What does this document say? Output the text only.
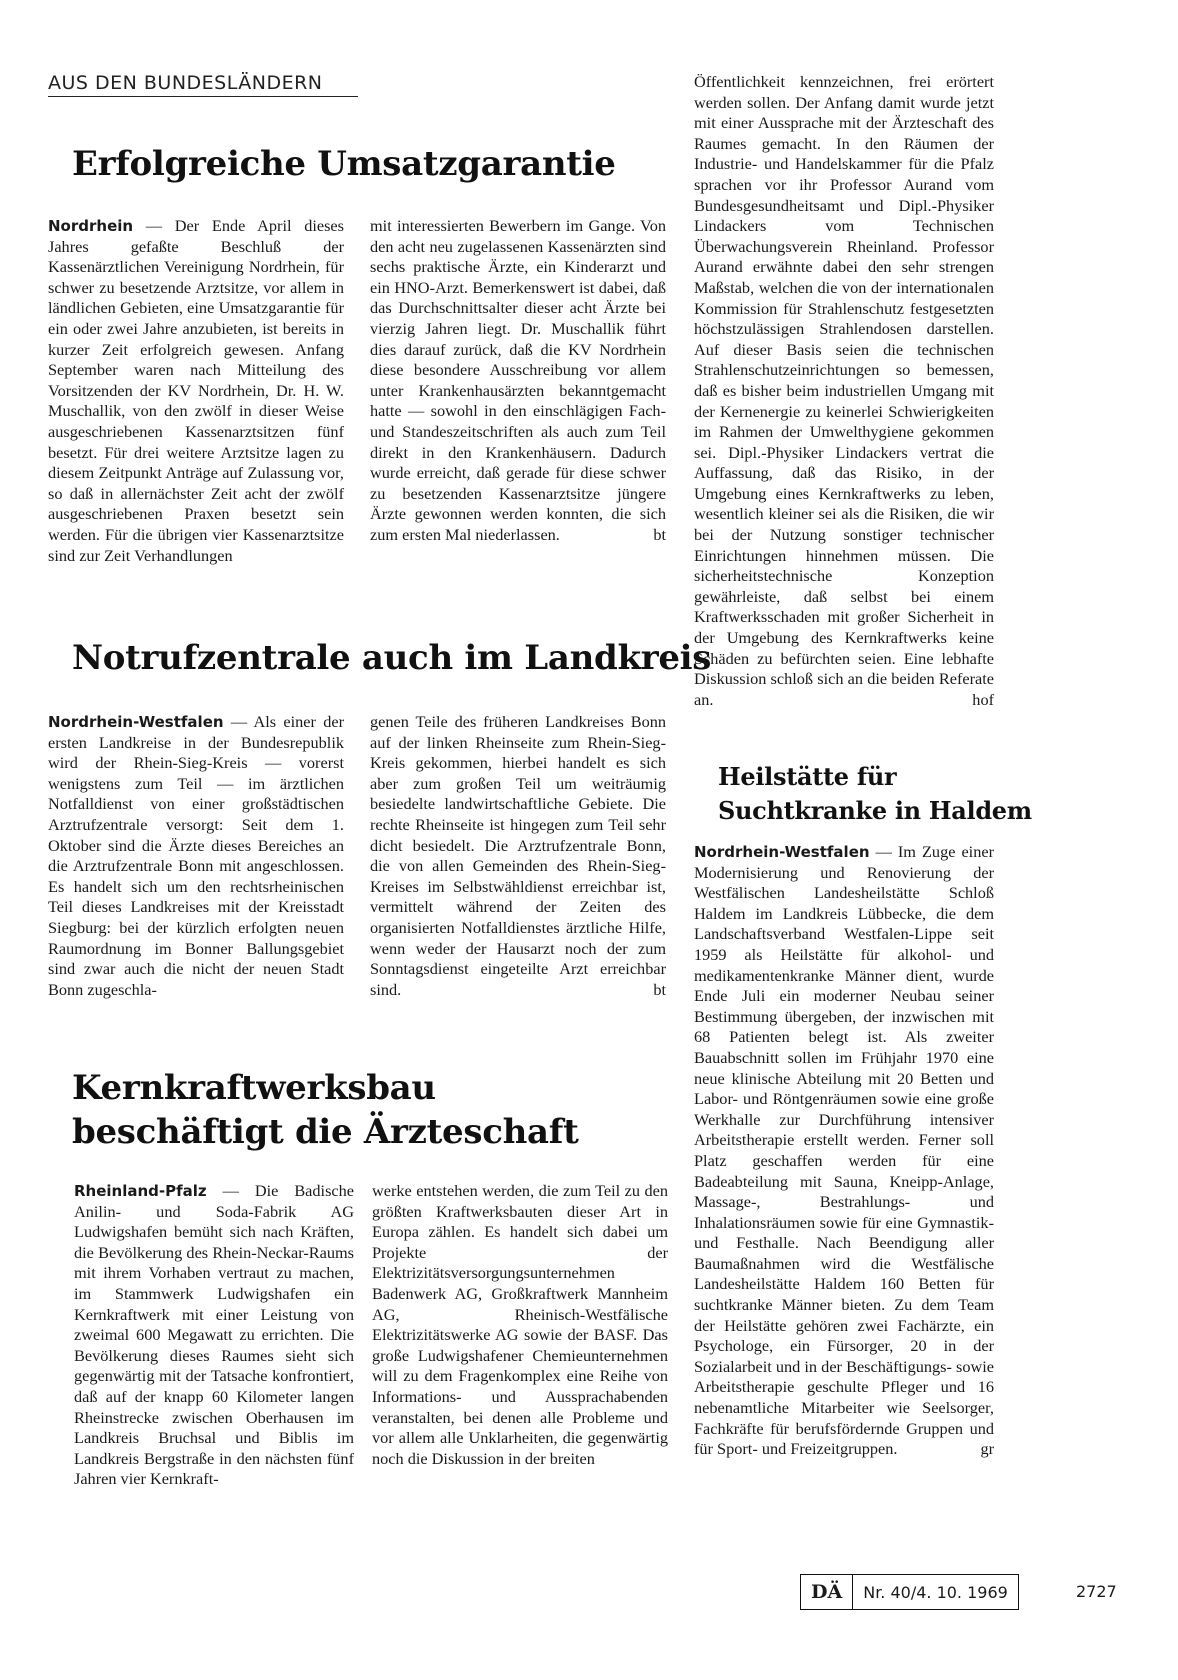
AUS DEN BUNDESLÄNDERN
Erfolgreiche Umsatzgarantie

Nordrhein — Der Ende April dieses Jahres gefaßte Beschluß der Kassenärztlichen Vereinigung Nordrhein, für schwer zu besetzende Arztsitze, vor allem in ländlichen Gebieten, eine Umsatzgarantie für ein oder zwei Jahre anzubieten, ist bereits in kurzer Zeit erfolgreich gewesen. Anfang September waren nach Mitteilung des Vorsitzenden der KV Nordrhein, Dr. H. W. Muschallik, von den zwölf in dieser Weise ausgeschriebenen Kassenarztsitzen fünf besetzt. Für drei weitere Arztsitze lagen zu diesem Zeitpunkt Anträge auf Zulassung vor, so daß in allernächster Zeit acht der zwölf ausgeschriebenen Praxen besetzt sein werden. Für die übrigen vier Kassenarztsitze sind zur Zeit Verhandlungen

mit interessierten Bewerbern im Gange. Von den acht neu zugelassenen Kassenärzten sind sechs praktische Ärzte, ein Kinderarzt und ein HNO-Arzt. Bemerkenswert ist dabei, daß das Durchschnittsalter dieser acht Ärzte bei vierzig Jahren liegt. Dr. Muschallik führt dies darauf zurück, daß die KV Nordrhein diese besondere Ausschreibung vor allem unter Krankenhausärzten bekanntgemacht hatte — sowohl in den einschlägigen Fach- und Standeszeitschriften als auch zum Teil direkt in den Krankenhäusern. Dadurch wurde erreicht, daß gerade für diese schwer zu besetzenden Kassenarztsitze jüngere Ärzte gewonnen werden konnten, die sich zum ersten Mal niederlassen.	bt

Notrufzentrale auch im Landkreis

Nordrhein-Westfalen — Als einer der ersten Landkreise in der Bundesrepublik wird der Rhein-Sieg-Kreis — vorerst wenigstens zum Teil — im ärztlichen Notfalldienst von einer großstädtischen Arztrufzentrale versorgt: Seit dem 1. Oktober sind die Ärzte dieses Bereiches an die Arztrufzentrale Bonn mit angeschlossen. Es handelt sich um den rechtsrheinischen Teil dieses Landkreises mit der Kreisstadt Siegburg: bei der kürzlich erfolgten neuen Raumordnung im Bonner Ballungsgebiet sind zwar auch die nicht der neuen Stadt Bonn zugeschla-

genen Teile des früheren Landkreises Bonn auf der linken Rheinseite zum Rhein-Sieg-Kreis gekommen, hierbei handelt es sich aber zum großen Teil um weiträumig besiedelte landwirtschaftliche Gebiete. Die rechte Rheinseite ist hingegen zum Teil sehr dicht besiedelt. Die Arztrufzentrale Bonn, die von allen Gemeinden des Rhein-Sieg-Kreises im Selbstwähldienst erreichbar ist, vermittelt während der Zeiten des organisierten Notfalldienstes ärztliche Hilfe, wenn weder der Hausarzt noch der zum Sonntagsdienst eingeteilte Arzt erreichbar sind.	bt

Kernkraftwerksbau
beschäftigt die Ärzteschaft

Rheinland-Pfalz — Die Badische Anilin- und Soda-Fabrik AG Ludwigshafen bemüht sich nach Kräften, die Bevölkerung des Rhein-Neckar-Raums mit ihrem Vorhaben vertraut zu machen, im Stammwerk Ludwigshafen ein Kernkraftwerk mit einer Leistung von zweimal 600 Megawatt zu errichten. Die Bevölkerung dieses Raumes sieht sich gegenwärtig mit der Tatsache konfrontiert, daß auf der knapp 60 Kilometer langen Rheinstrecke zwischen Oberhausen im Landkreis Bruchsal und Biblis im Landkreis Bergstraße in den nächsten fünf Jahren vier Kernkraft-

werke entstehen werden, die zum Teil zu den größten Kraftwerksbauten dieser Art in Europa zählen. Es handelt sich dabei um Projekte der Elektrizitätsversorgungsunternehmen Badenwerk AG, Großkraftwerk Mannheim AG, Rheinisch-Westfälische Elektrizitätswerke AG sowie der BASF. Das große Ludwigshafener Chemieunternehmen will zu dem Fragenkomplex eine Reihe von Informations- und Aussprachabenden veranstalten, bei denen alle Probleme und vor allem alle Unklarheiten, die gegenwärtig noch die Diskussion in der breiten

Öffentlichkeit kennzeichnen, frei erörtert werden sollen. Der Anfang damit wurde jetzt mit einer Aussprache mit der Ärzteschaft des Raumes gemacht. In den Räumen der Industrie- und Handelskammer für die Pfalz sprachen vor ihr Professor Aurand vom Bundesgesundheitsamt und Dipl.-Physiker Lindackers vom Technischen Überwachungsverein Rheinland. Professor Aurand erwähnte dabei den sehr strengen Maßstab, welchen die von der internationalen Kommission für Strahlenschutz festgesetzten höchstzulässigen Strahlendosen darstellen. Auf dieser Basis seien die technischen Strahlenschutzeinrichtungen so bemessen, daß es bisher beim industriellen Umgang mit der Kernenergie zu keinerlei Schwierigkeiten im Rahmen der Umwelthygiene gekommen sei. Dipl.-Physiker Lindackers vertrat die Auffassung, daß das Risiko, in der Umgebung eines Kernkraftwerks zu leben, wesentlich kleiner sei als die Risiken, die wir bei der Nutzung sonstiger technischer Einrichtungen hinnehmen müssen. Die sicherheitstechnische Konzeption gewährleiste, daß selbst bei einem Kraftwerksschaden mit großer Sicherheit in der Umgebung des Kernkraftwerks keine Schäden zu befürchten seien. Eine lebhafte Diskussion schloß sich an die beiden Referate an.	hof

Heilstätte für
Suchtkranke in Haldem

Nordrhein-Westfalen — Im Zuge einer Modernisierung und Renovierung der Westfälischen Landesheilstätte Schloß Haldem im Landkreis Lübbecke, die dem Landschaftsverband Westfalen-Lippe seit 1959 als Heilstätte für alkohol- und medikamentenkranke Männer dient, wurde Ende Juli ein moderner Neubau seiner Bestimmung übergeben, der inzwischen mit 68 Patienten belegt ist. Als zweiter Bauabschnitt sollen im Frühjahr 1970 eine neue klinische Abteilung mit 20 Betten und Labor- und Röntgenräumen sowie eine große Werkhalle zur Durchführung intensiver Arbeitstherapie erstellt werden. Ferner soll Platz geschaffen werden für eine Badeabteilung mit Sauna, Kneipp-Anlage, Massage-, Bestrahlungs- und Inhalationsräumen sowie für eine Gymnastik- und Festhalle. Nach Beendigung aller Baumaßnahmen wird die Westfälische Landesheilstätte Haldem 160 Betten für suchtkranke Männer bieten. Zu dem Team der Heilstätte gehören zwei Fachärzte, ein Psychologe, ein Fürsorger, 20 in der Sozialarbeit und in der Beschäftigungs- sowie Arbeitstherapie geschulte Pfleger und 16 nebenamtliche Mitarbeiter wie Seelsorger, Fachkräfte für berufsfördernde Gruppen und für Sport- und Freizeitgruppen.	gr

DÄ	Nr. 40/4. 10. 1969	2727
